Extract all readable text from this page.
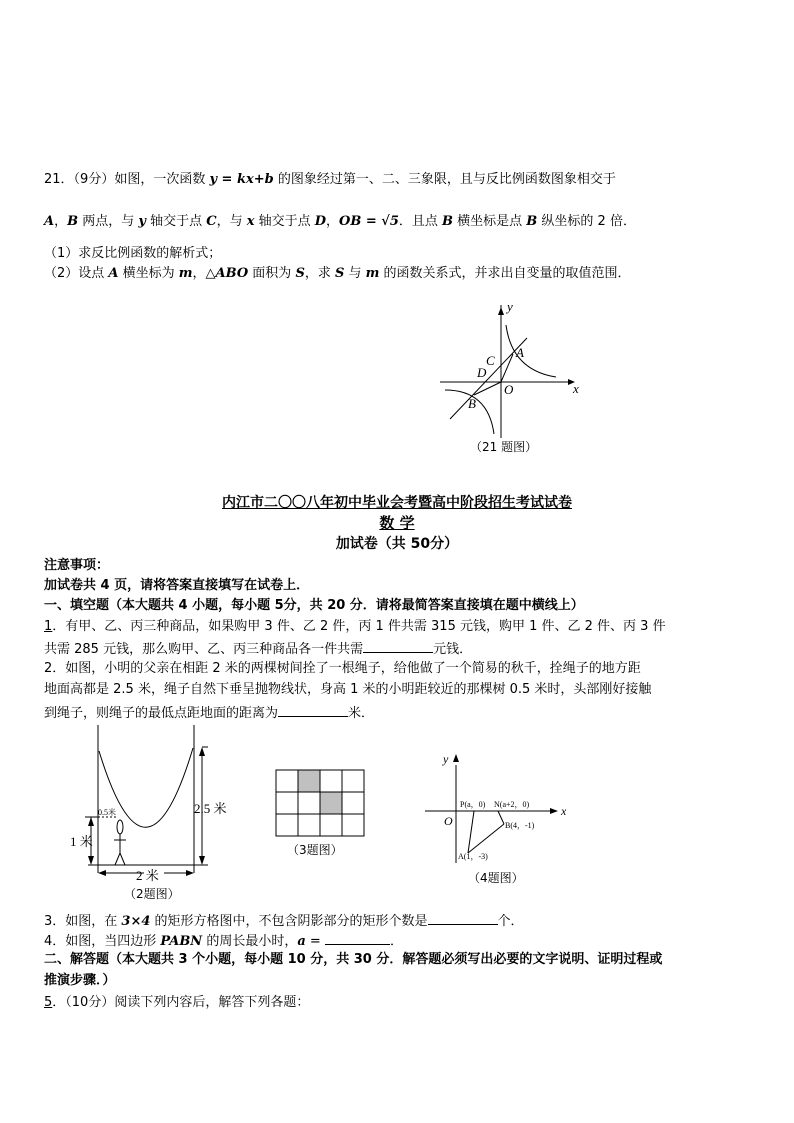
21．（9分）如图，一次函数 y = kx+b 的图象经过第一、二、三象限，且与反比例函数图象相交于
A，B 两点，与 y 轴交于点 C，与 x 轴交于点 D，OB = √5．且点 B 横坐标是点 B 纵坐标的 2 倍．
（1）求反比例函数的解析式；
（2）设点 A 横坐标为 m，△ABO 面积为 S，求 S 与 m 的函数关系式，并求出自变量的取值范围．
y
x
A
B
C
D
O
（21 题图）
内江市二〇〇八年初中毕业会考暨高中阶段招生考试试卷
数 学
加试卷（共 50分）
注意事项：
加试卷共 4 页，请将答案直接填写在试卷上．
一、填空题（本大题共 4 小题，每小题 5分，共 20 分．请将最简答案直接填在题中横线上）
1．有甲、乙、丙三种商品，如果购甲 3 件、乙 2 件，丙 1 件共需 315 元钱，购甲 1 件、乙 2 件、丙 3 件
共需 285 元钱，那么购甲、乙、丙三种商品各一件共需	元钱．
2．如图，小明的父亲在相距 2 米的两棵树间拴了一根绳子，给他做了一个简易的秋千，拴绳子的地方距
地面高都是 2.5 米，绳子自然下垂呈抛物线状，身高 1 米的小明距较近的那棵树 0.5 米时，头部刚好接触
到绳子，则绳子的最低点距地面的距离为	米．
0.5米
1 米
2.5 米
2 米
（2题图）
（3题图）
y
x
O
P(a，0) N(a+2，0)
B(4，-1)
A(1，-3)
（4题图）
3．如图，在 3×4 的矩形方格图中，不包含阴影部分的矩形个数是	个．
4．如图，当四边形 PABN 的周长最小时，a =	．
二、解答题（本大题共 3 个小题，每小题 10 分，共 30 分．解答题必须写出必要的文字说明、证明过程或
推演步骤．）
5．（10分）阅读下列内容后，解答下列各题：
